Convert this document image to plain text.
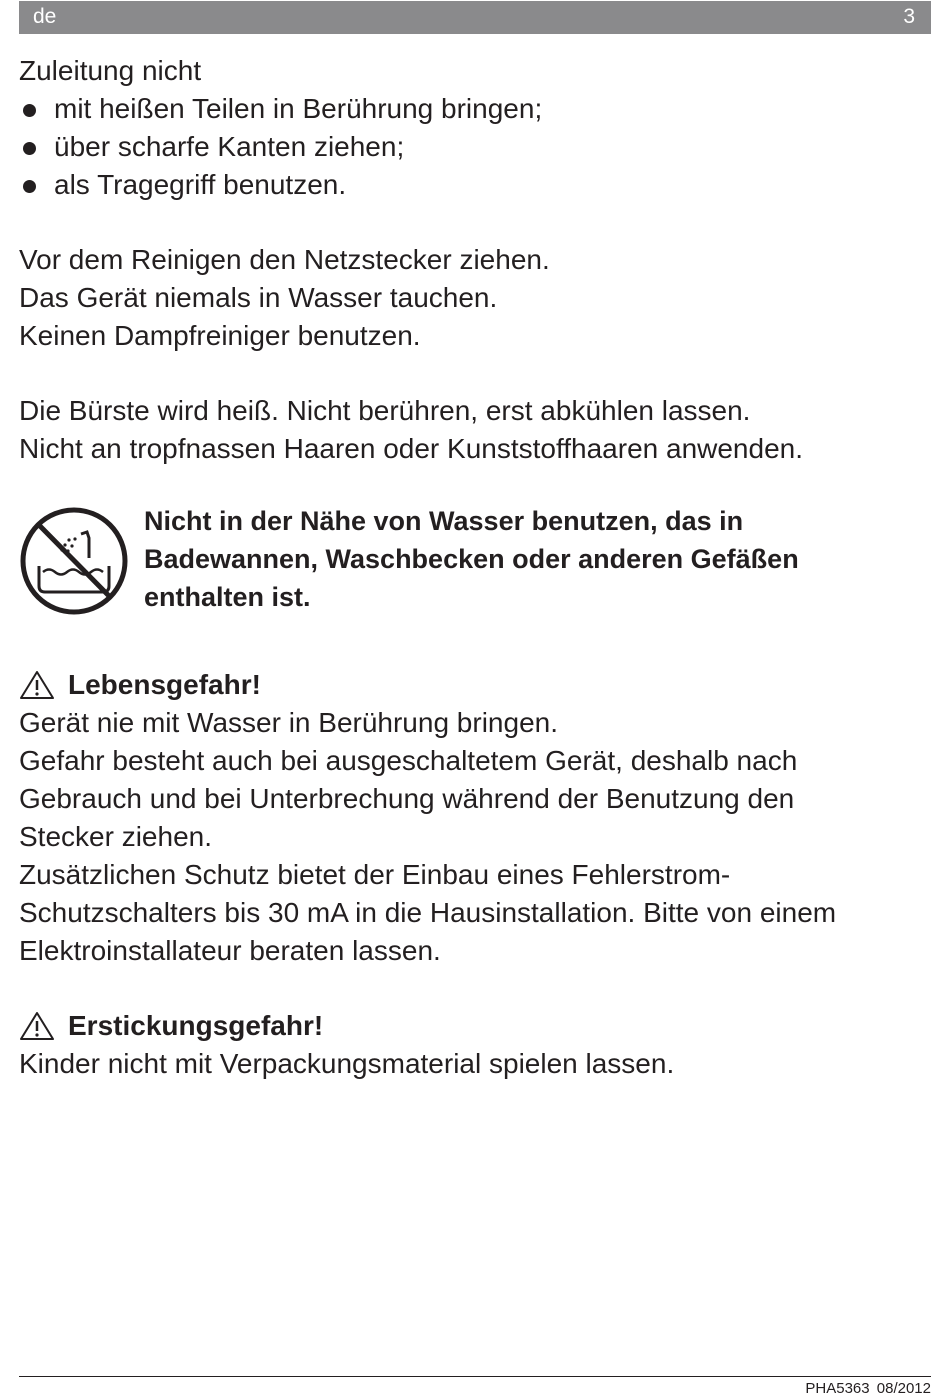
de	3
Zuleitung nicht
mit heißen Teilen in Berührung bringen;
über scharfe Kanten ziehen;
als Tragegriff benutzen.
Vor dem Reinigen den Netzstecker ziehen.
Das Gerät niemals in Wasser tauchen.
Keinen Dampfreiniger benutzen.
Die Bürste wird heiß. Nicht berühren, erst abkühlen lassen.
Nicht an tropfnassen Haaren oder Kunststoffhaaren anwenden.
Nicht in der Nähe von Wasser benutzen, das in
Badewannen, Waschbecken oder anderen Gefäßen
enthalten ist.
Lebensgefahr!
Gerät nie mit Wasser in Berührung bringen.
Gefahr besteht auch bei ausgeschaltetem Gerät, deshalb nach
Gebrauch und bei Unterbrechung während der Benutzung den
Stecker ziehen.
Zusätzlichen Schutz bietet der Einbau eines Fehlerstrom-
Schutzschalters bis 30 mA in die Hausinstallation. Bitte von einem
Elektroinstallateur beraten lassen.
Erstickungsgefahr!
Kinder nicht mit Verpackungsmaterial spielen lassen.
PHA5363 08/2012
